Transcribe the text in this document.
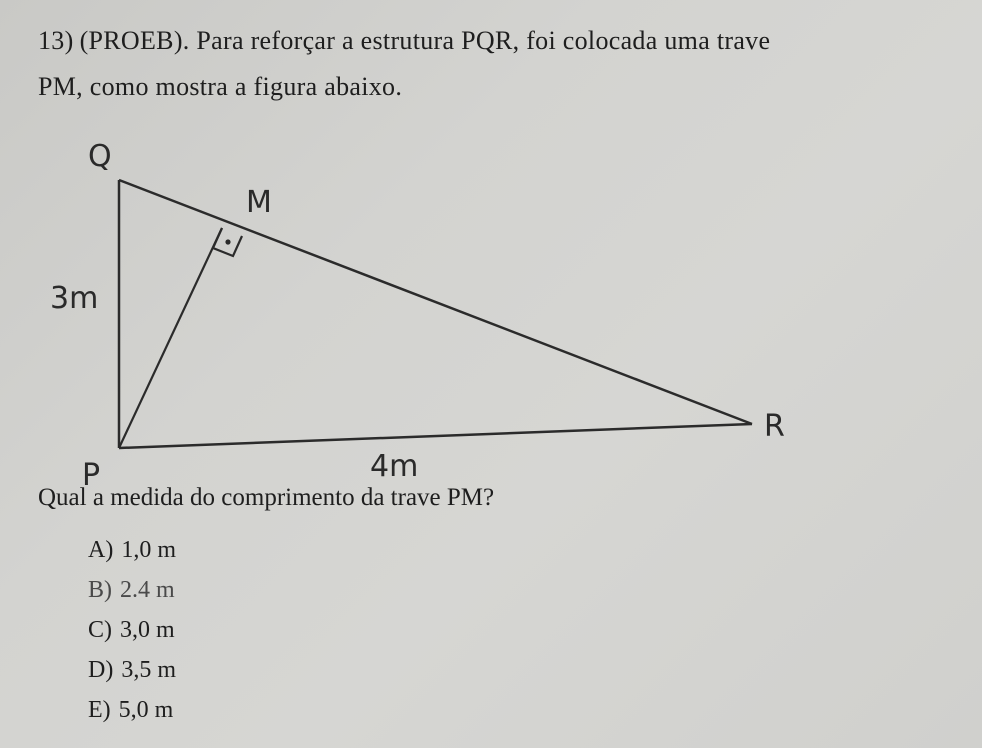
13) (PROEB). Para reforçar a estrutura PQR, foi colocada uma trave
PM, como mostra a figura abaixo.
Q
M
P
R
3m
4m
Qual a medida do comprimento da trave PM?
A) 1,0 m
B) 2.4 m
C) 3,0 m
D) 3,5 m
E) 5,0 m
